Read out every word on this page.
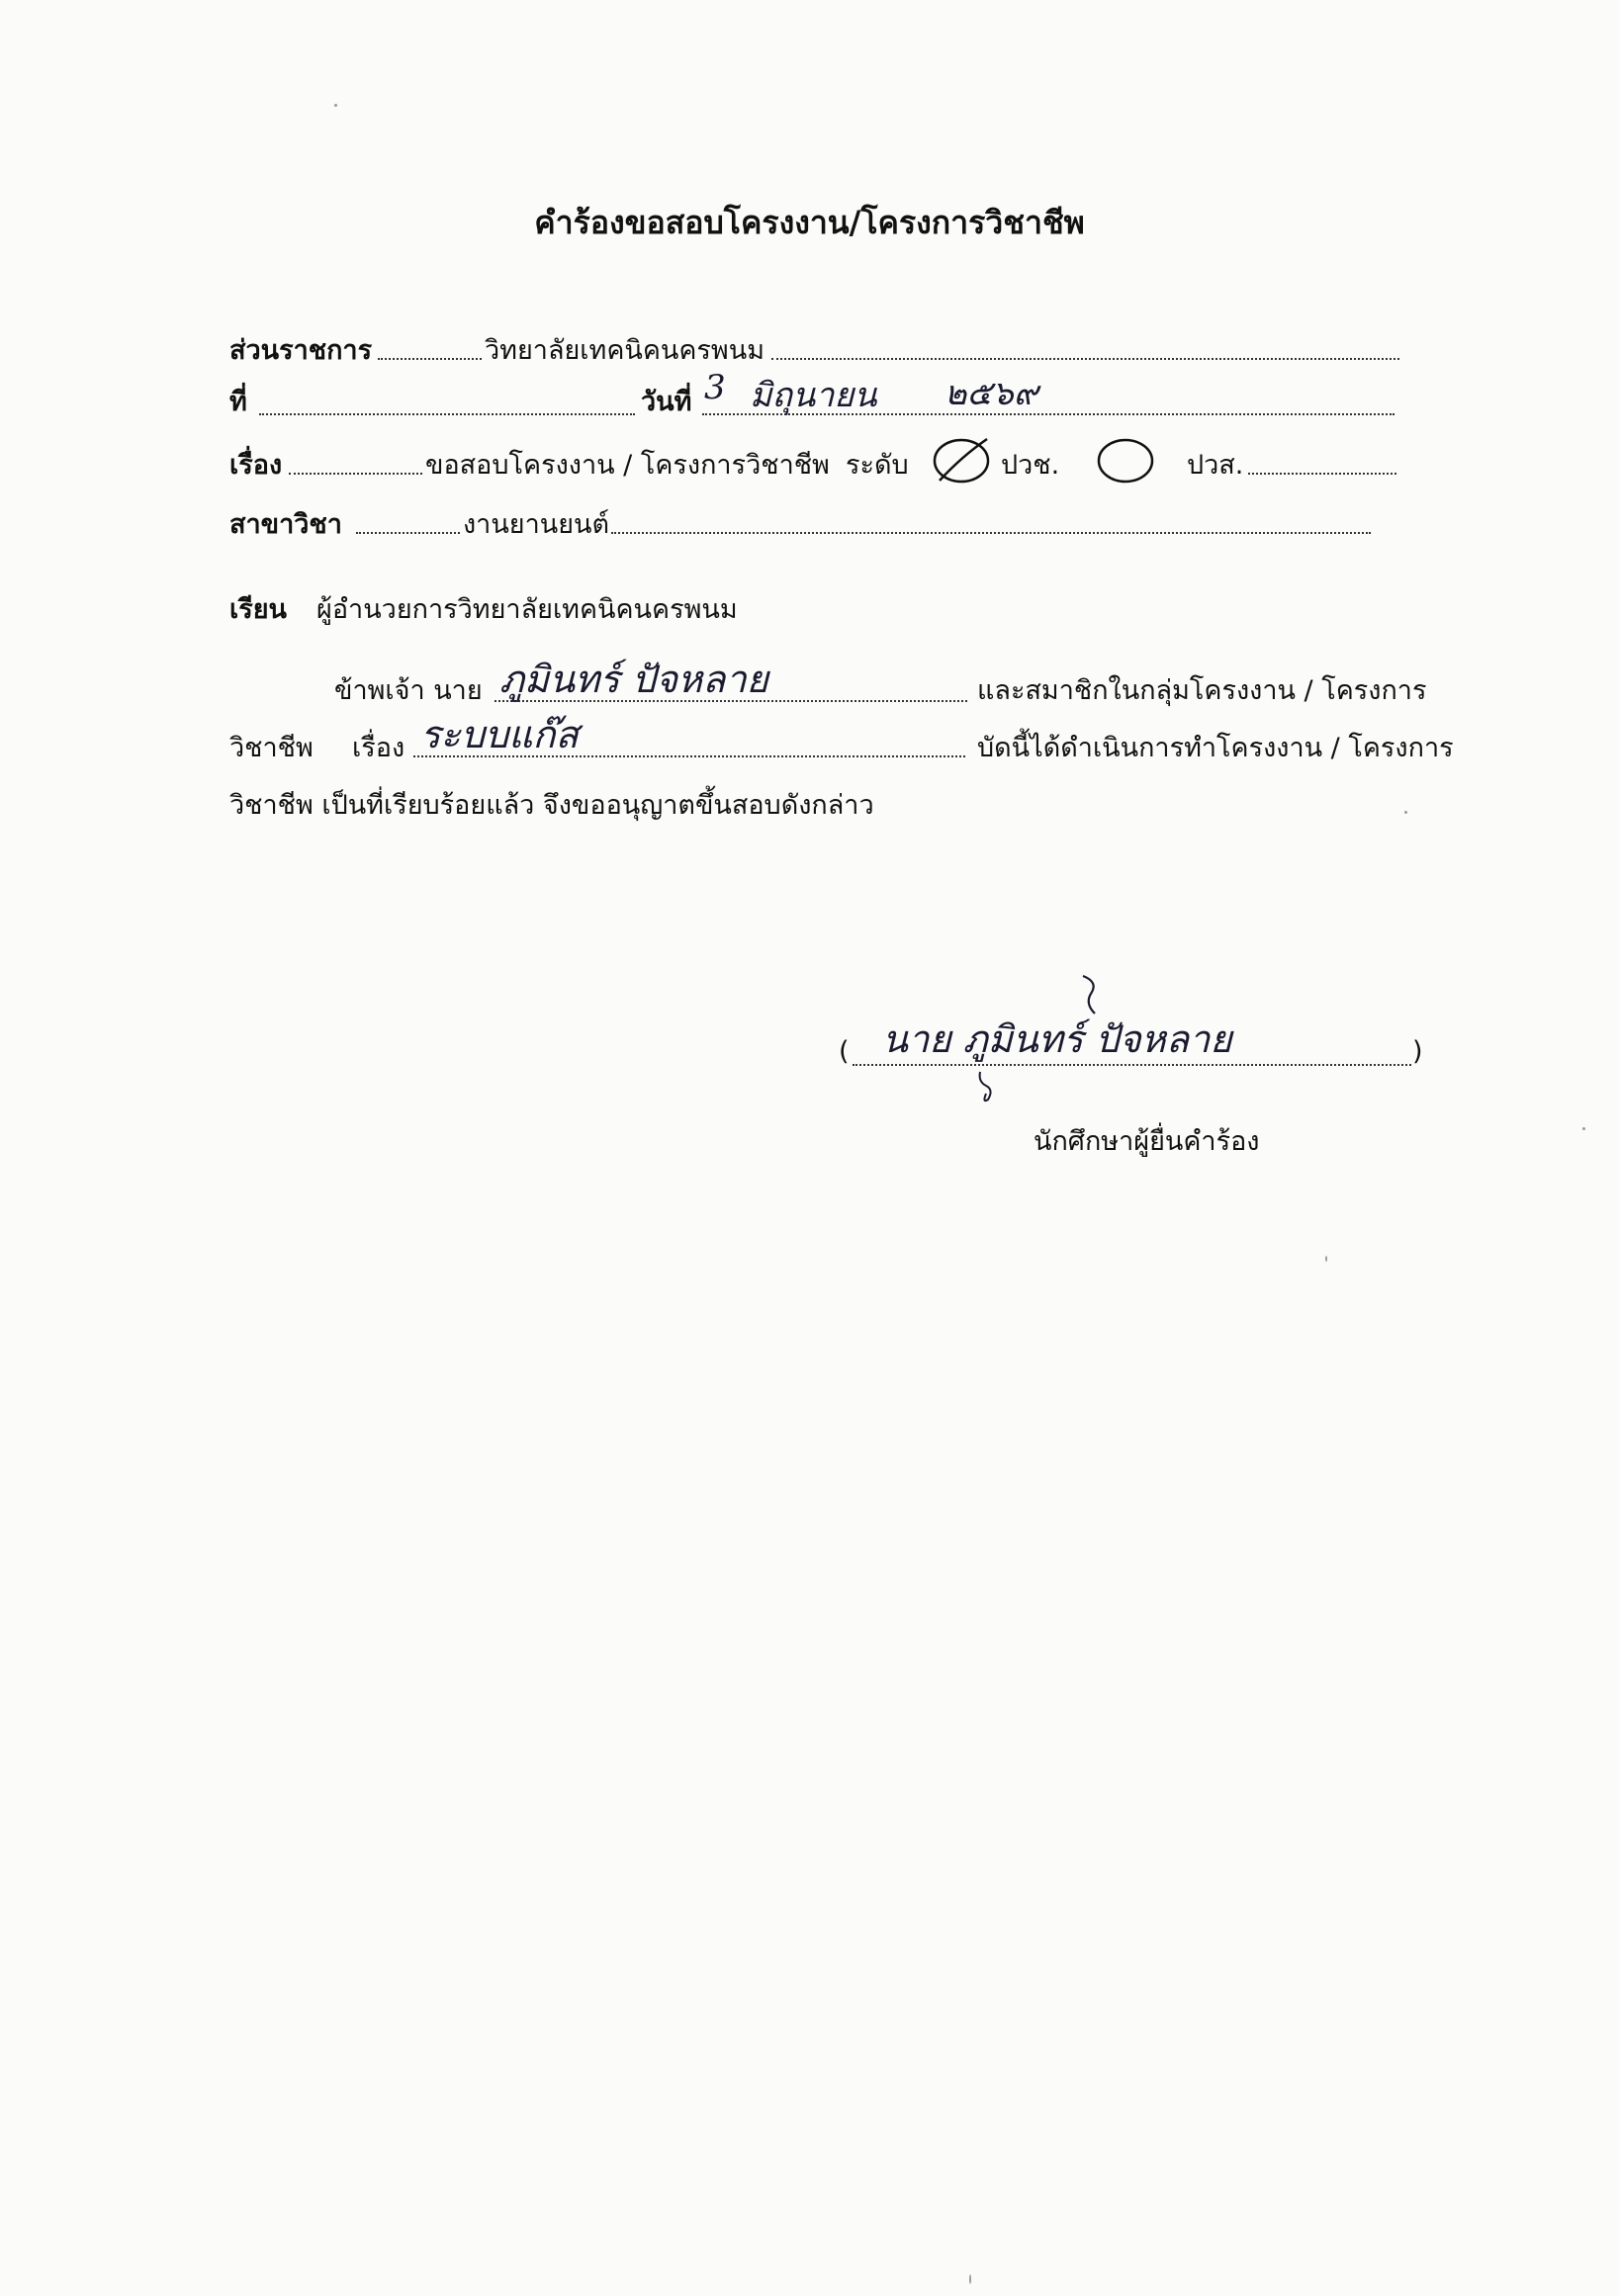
คำร้องขอสอบโครงงาน/โครงการวิชาชีพ
ส่วนราชการ	วิทยาลัยเทคนิคนครพนม
ที่	วันที่ 3 มิถุนายน ๒๕๖๙
เรื่อง	ขอสอบโครงงาน / โครงการวิชาชีพ ระดับ	ปวช.	ปวส.
สาขาวิชา	งานยานยนต์
เรียน ผู้อำนวยการวิทยาลัยเทคนิคนครพนม
ข้าพเจ้า นาย ภูมินทร์ ปัจหลาย	และสมาชิกในกลุ่มโครงงาน / โครงการ
วิชาชีพ เรื่อง ระบบแก๊ส	บัดนี้ได้ดำเนินการทำโครงงาน / โครงการ
วิชาชีพ เป็นที่เรียบร้อยแล้ว จึงขออนุญาตขึ้นสอบดังกล่าว
( นาย ภูมินทร์ ปัจหลาย	)
นักศึกษาผู้ยื่นคำร้อง
